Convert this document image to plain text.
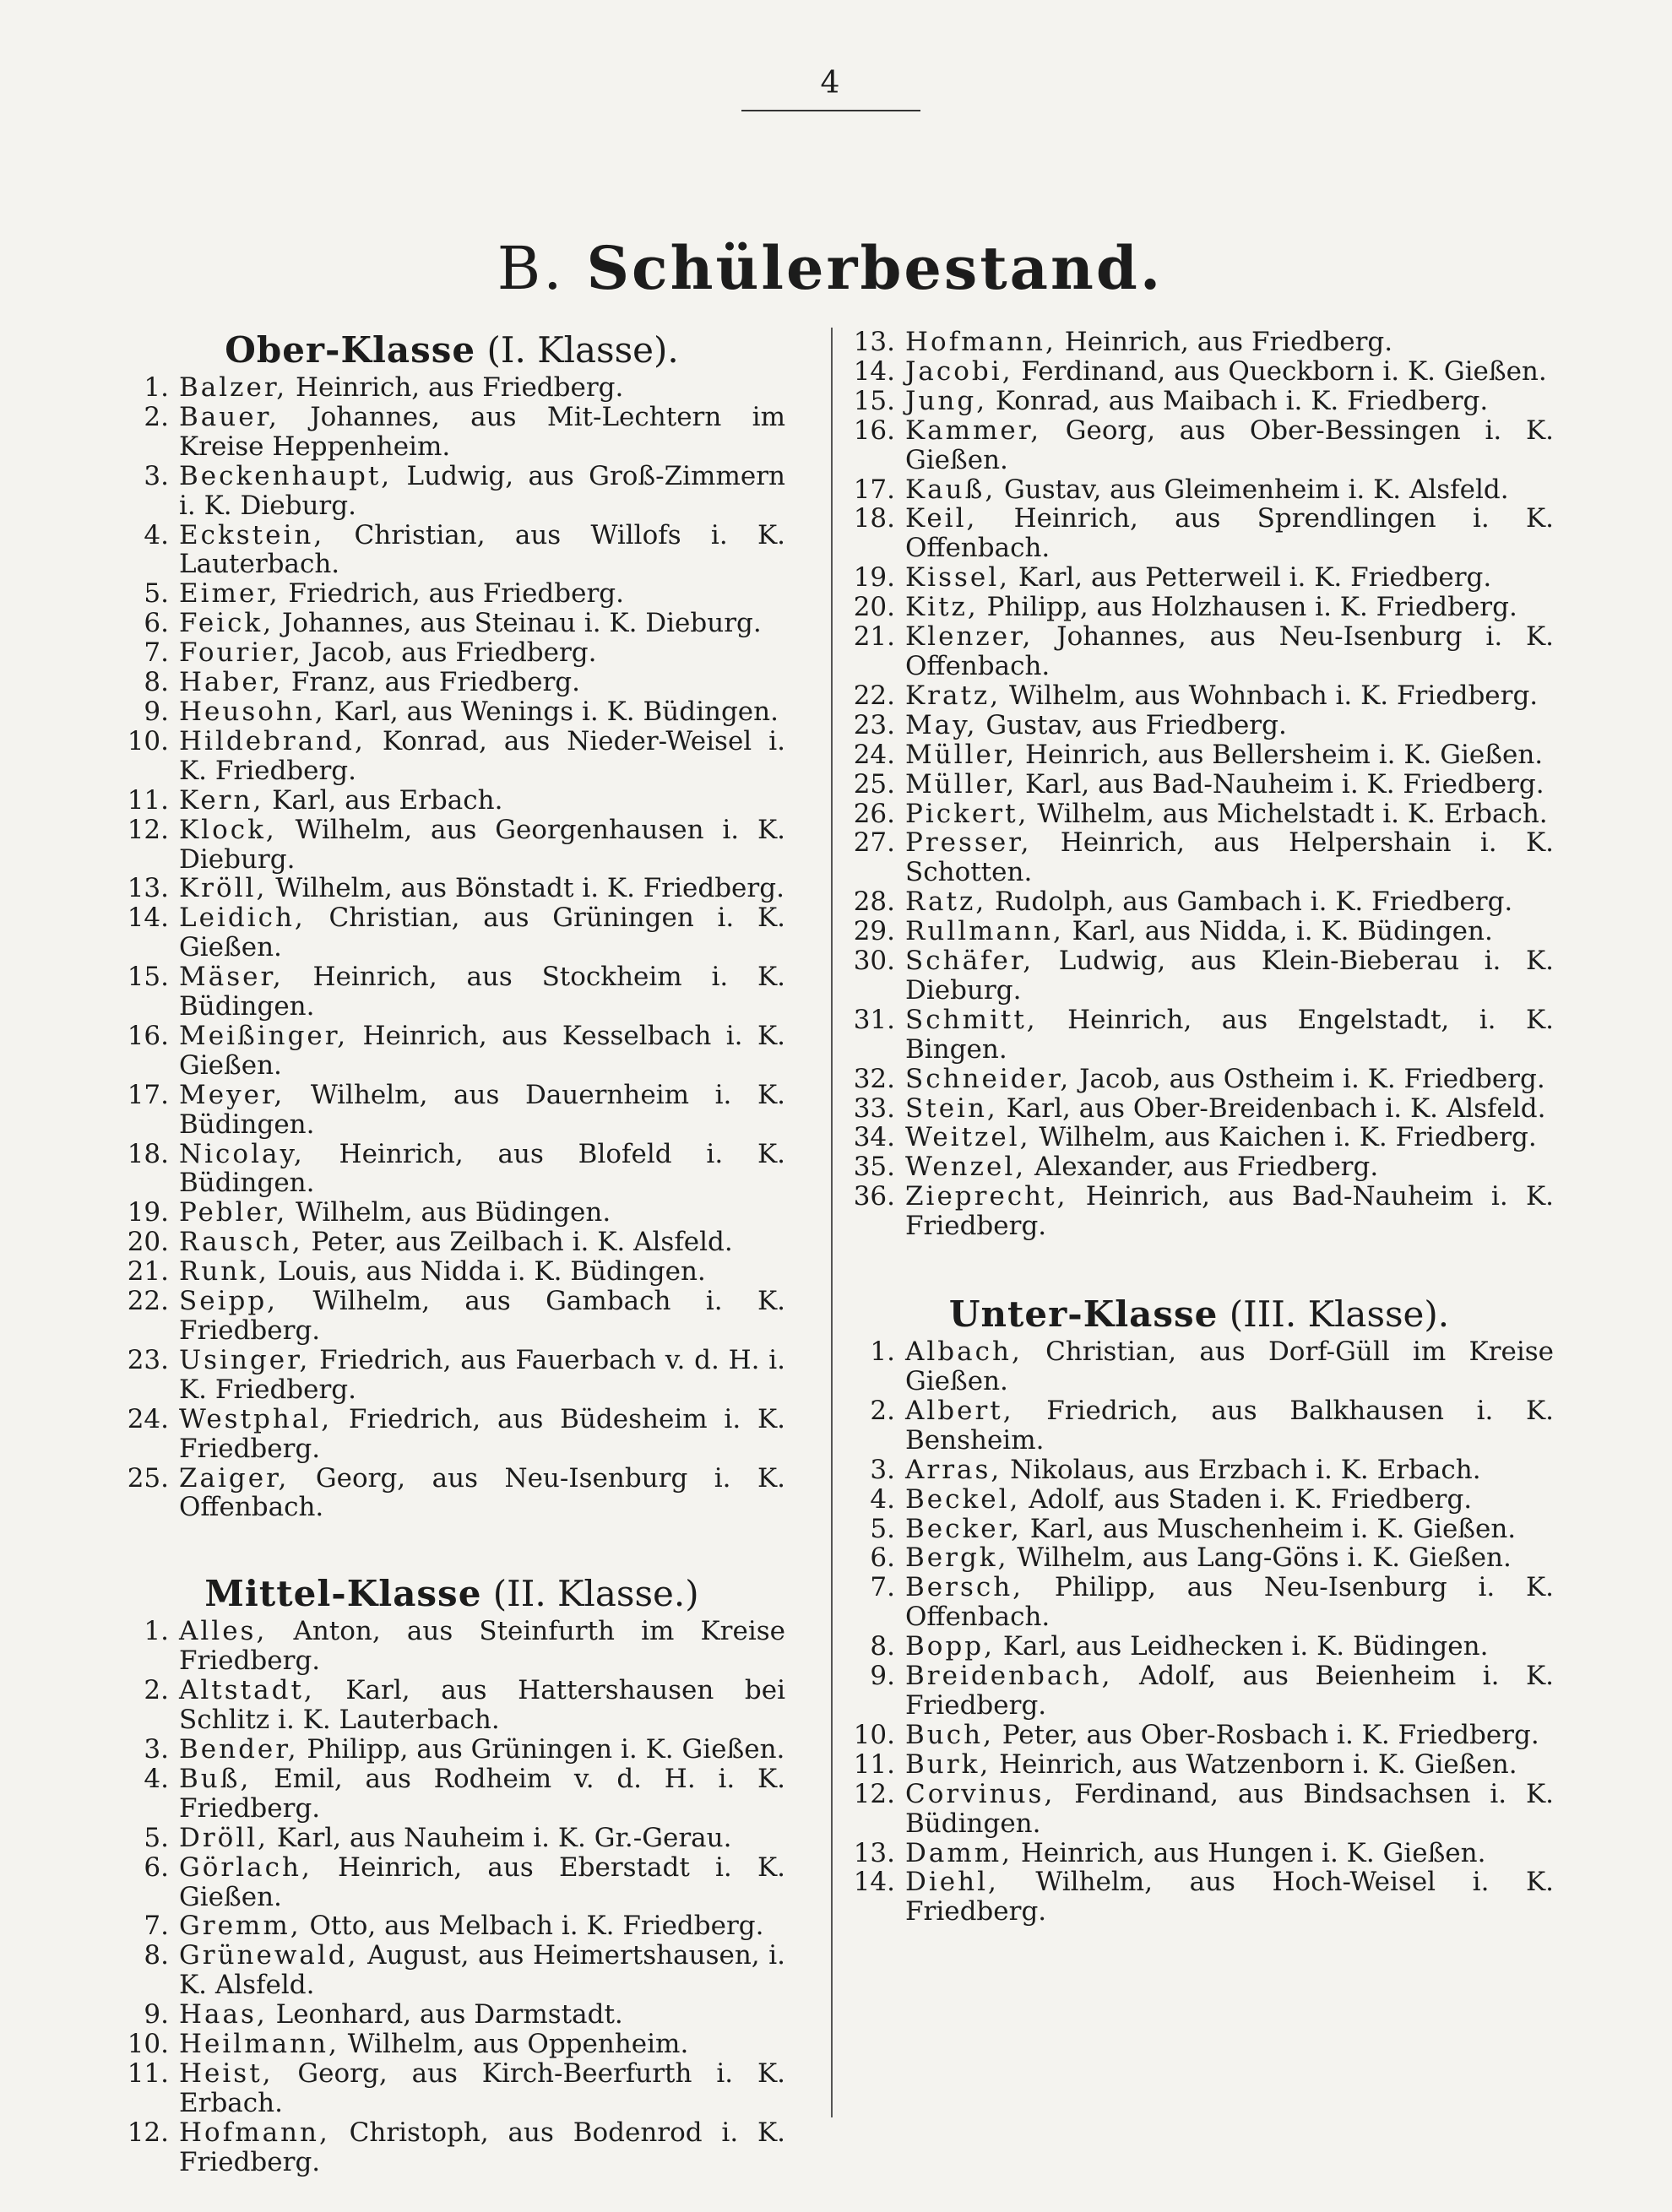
4
B. Schülerbestand.
Ober-Klasse (I. Klasse).
1. Balzer, Heinrich, aus Friedberg.
2. Bauer, Johannes, aus Mit-Lechtern im Kreise Heppenheim.
3. Beckenhaupt, Ludwig, aus Groß-Zimmern i. K. Dieburg.
4. Eckstein, Christian, aus Willofs i. K. Lauterbach.
5. Eimer, Friedrich, aus Friedberg.
6. Feick, Johannes, aus Steinau i. K. Dieburg.
7. Fourier, Jacob, aus Friedberg.
8. Haber, Franz, aus Friedberg.
9. Heusohn, Karl, aus Wenings i. K. Büdingen.
10. Hildebrand, Konrad, aus Nieder-Weisel i. K. Friedberg.
11. Kern, Karl, aus Erbach.
12. Klock, Wilhelm, aus Georgenhausen i. K. Dieburg.
13. Kröll, Wilhelm, aus Bönstadt i. K. Friedberg.
14. Leidich, Christian, aus Grüningen i. K. Gießen.
15. Mäser, Heinrich, aus Stockheim i. K. Büdingen.
16. Meißinger, Heinrich, aus Kesselbach i. K. Gießen.
17. Meyer, Wilhelm, aus Dauernheim i. K. Büdingen.
18. Nicolay, Heinrich, aus Blofeld i. K. Büdingen.
19. Pebler, Wilhelm, aus Büdingen.
20. Rausch, Peter, aus Zeilbach i. K. Alsfeld.
21. Runk, Louis, aus Nidda i. K. Büdingen.
22. Seipp, Wilhelm, aus Gambach i. K. Friedberg.
23. Usinger, Friedrich, aus Fauerbach v. d. H. i. K. Friedberg.
24. Westphal, Friedrich, aus Büdesheim i. K. Friedberg.
25. Zaiger, Georg, aus Neu-Isenburg i. K. Offenbach.
Mittel-Klasse (II. Klasse.)
1. Alles, Anton, aus Steinfurth im Kreise Friedberg.
2. Altstadt, Karl, aus Hattershausen bei Schlitz i. K. Lauterbach.
3. Bender, Philipp, aus Grüningen i. K. Gießen.
4. Buß, Emil, aus Rodheim v. d. H. i. K. Friedberg.
5. Dröll, Karl, aus Nauheim i. K. Gr.-Gerau.
6. Görlach, Heinrich, aus Eberstadt i. K. Gießen.
7. Gremm, Otto, aus Melbach i. K. Friedberg.
8. Grünewald, August, aus Heimertshausen, i. K. Alsfeld.
9. Haas, Leonhard, aus Darmstadt.
10. Heilmann, Wilhelm, aus Oppenheim.
11. Heist, Georg, aus Kirch-Beerfurth i. K. Erbach.
12. Hofmann, Christoph, aus Bodenrod i. K. Friedberg.
13. Hofmann, Heinrich, aus Friedberg.
14. Jacobi, Ferdinand, aus Queckborn i. K. Gießen.
15. Jung, Konrad, aus Maibach i. K. Friedberg.
16. Kammer, Georg, aus Ober-Bessingen i. K. Gießen.
17. Kauß, Gustav, aus Gleimenheim i. K. Alsfeld.
18. Keil, Heinrich, aus Sprendlingen i. K. Offenbach.
19. Kissel, Karl, aus Petterweil i. K. Friedberg.
20. Kitz, Philipp, aus Holzhausen i. K. Friedberg.
21. Klenzer, Johannes, aus Neu-Isenburg i. K. Offenbach.
22. Kratz, Wilhelm, aus Wohnbach i. K. Friedberg.
23. May, Gustav, aus Friedberg.
24. Müller, Heinrich, aus Bellersheim i. K. Gießen.
25. Müller, Karl, aus Bad-Nauheim i. K. Friedberg.
26. Pickert, Wilhelm, aus Michelstadt i. K. Erbach.
27. Presser, Heinrich, aus Helpershain i. K. Schotten.
28. Ratz, Rudolph, aus Gambach i. K. Friedberg.
29. Rullmann, Karl, aus Nidda, i. K. Büdingen.
30. Schäfer, Ludwig, aus Klein-Bieberau i. K. Dieburg.
31. Schmitt, Heinrich, aus Engelstadt, i. K. Bingen.
32. Schneider, Jacob, aus Ostheim i. K. Friedberg.
33. Stein, Karl, aus Ober-Breidenbach i. K. Alsfeld.
34. Weitzel, Wilhelm, aus Kaichen i. K. Friedberg.
35. Wenzel, Alexander, aus Friedberg.
36. Zieprecht, Heinrich, aus Bad-Nauheim i. K. Friedberg.
Unter-Klasse (III. Klasse).
1. Albach, Christian, aus Dorf-Güll im Kreise Gießen.
2. Albert, Friedrich, aus Balkhausen i. K. Bensheim.
3. Arras, Nikolaus, aus Erzbach i. K. Erbach.
4. Beckel, Adolf, aus Staden i. K. Friedberg.
5. Becker, Karl, aus Muschenheim i. K. Gießen.
6. Bergk, Wilhelm, aus Lang-Göns i. K. Gießen.
7. Bersch, Philipp, aus Neu-Isenburg i. K. Offenbach.
8. Bopp, Karl, aus Leidhecken i. K. Büdingen.
9. Breidenbach, Adolf, aus Beienheim i. K. Friedberg.
10. Buch, Peter, aus Ober-Rosbach i. K. Friedberg.
11. Burk, Heinrich, aus Watzenborn i. K. Gießen.
12. Corvinus, Ferdinand, aus Bindsachsen i. K. Büdingen.
13. Damm, Heinrich, aus Hungen i. K. Gießen.
14. Diehl, Wilhelm, aus Hoch-Weisel i. K. Friedberg.
